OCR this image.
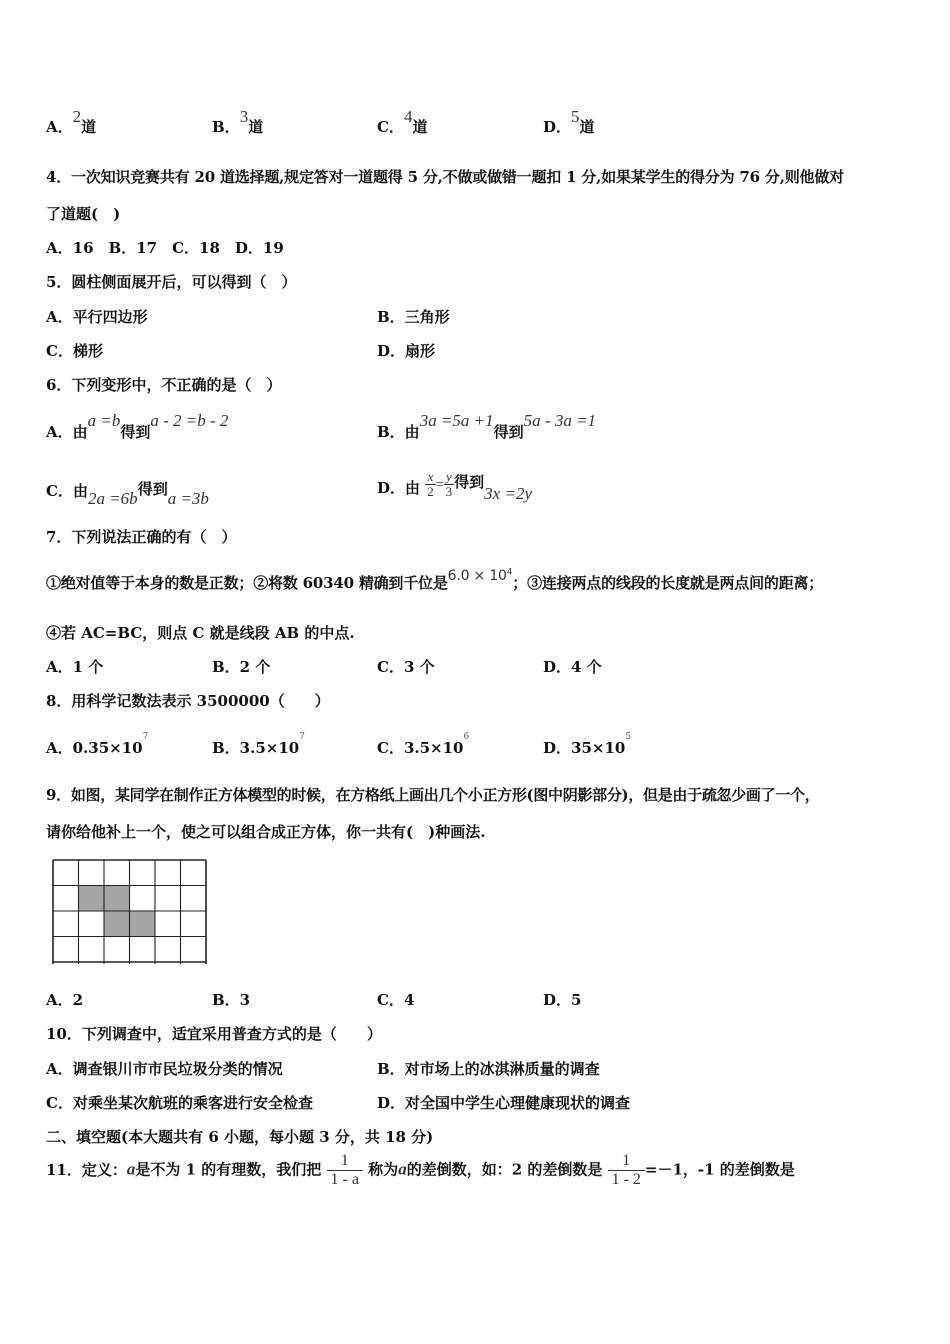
A．2道	B．3道	C．4道	D．5道
4．一次知识竞赛共有 20 道选择题,规定答对一道题得 5 分,不做或做错一题扣 1 分,如果某学生的得分为 76 分,则他做对
了道题(　)
A．16　B．17　C．18　D．19
5．圆柱侧面展开后，可以得到（　）
A．平行四边形	B．三角形
C．梯形	D．扇形
6．下列变形中，不正确的是（　）
A．由a =b得到a - 2 =b - 2
B．由3a =5a +1得到5a - 3a =1
C．由2a =6b得到a =3b
D．由 $\frac{x}{2} = \frac{y}{3}$ 得到3x =2y
7．下列说法正确的有（　）
①绝对值等于本身的数是正数；②将数 60340 精确到千位是$6.0 \times 10^4$；③连接两点的线段的长度就是两点间的距离；
④若 AC=BC，则点 C 就是线段 AB 的中点.
A．1 个	B．2 个	C．3 个	D．4 个
8．用科学记数法表示 3500000（　　）
A．$0.35\times 10^7$
B．$3.5\times 10^7$
C．$3.5\times 10^6$
D．$35\times 10^5$
9．如图，某同学在制作正方体模型的时候，在方格纸上画出几个小正方形(图中阴影部分)，但是由于疏忽少画了一个，
请你给他补上一个，使之可以组合成正方体，你一共有(　)种画法.
A．2	B．3	C．4	D．5
10．下列调查中，适宜采用普查方式的是（　　）
A．调查银川市市民垃圾分类的情况	B．对市场上的冰淇淋质量的调查
C．对乘坐某次航班的乘客进行安全检查	D．对全国中学生心理健康现状的调查
二、填空题(本大题共有 6 小题，每小题 3 分，共 18 分)
11．定义：a是不为 1 的有理数，我们把 $\frac{1}{1 - a}$ 称为a的差倒数，如：2 的差倒数是 $\frac{1}{1 - 2} =-1$，-1 的差倒数是
